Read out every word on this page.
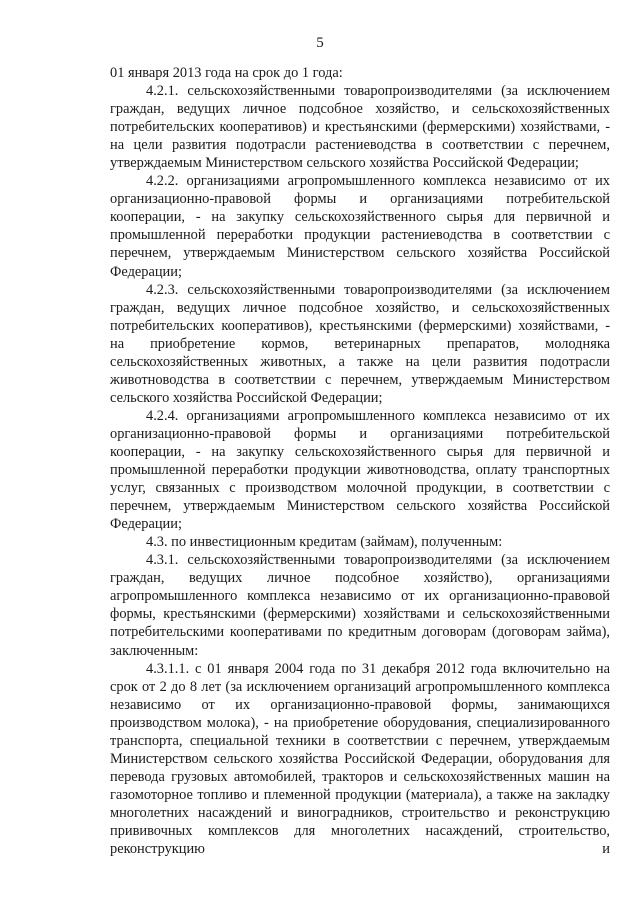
5

01 января 2013 года на срок до 1 года:

4.2.1. сельскохозяйственными товаропроизводителями (за исключением граждан, ведущих личное подсобное хозяйство, и сельскохозяйственных потребительских кооперативов) и крестьянскими (фермерскими) хозяйствами, - на цели развития подотрасли растениеводства в соответствии с перечнем, утверждаемым Министерством сельского хозяйства Российской Федерации;

4.2.2. организациями агропромышленного комплекса независимо от их организационно-правовой формы и организациями потребительской кооперации, - на закупку сельскохозяйственного сырья для первичной и промышленной переработки продукции растениеводства в соответствии с перечнем, утверждаемым Министерством сельского хозяйства Российской Федерации;

4.2.3. сельскохозяйственными товаропроизводителями (за исключением граждан, ведущих личное подсобное хозяйство, и сельскохозяйственных потребительских кооперативов), крестьянскими (фермерскими) хозяйствами, - на приобретение кормов, ветеринарных препаратов, молодняка сельскохозяйственных животных, а также на цели развития подотрасли животноводства в соответствии с перечнем, утверждаемым Министерством сельского хозяйства Российской Федерации;

4.2.4. организациями агропромышленного комплекса независимо от их организационно-правовой формы и организациями потребительской кооперации, - на закупку сельскохозяйственного сырья для первичной и промышленной переработки продукции животноводства, оплату транспортных услуг, связанных с производством молочной продукции, в соответствии с перечнем, утверждаемым Министерством сельского хозяйства Российской Федерации;

4.3. по инвестиционным кредитам (займам), полученным:

4.3.1. сельскохозяйственными товаропроизводителями (за исключением граждан, ведущих личное подсобное хозяйство), организациями агропромышленного комплекса независимо от их организационно-правовой формы, крестьянскими (фермерскими) хозяйствами и сельскохозяйственными потребительскими кооперативами по кредитным договорам (договорам займа), заключенным:

4.3.1.1. с 01 января 2004 года по 31 декабря 2012 года включительно на срок от 2 до 8 лет (за исключением организаций агропромышленного комплекса независимо от их организационно-правовой формы, занимающихся производством молока), - на приобретение оборудования, специализированного транспорта, специальной техники в соответствии с перечнем, утверждаемым Министерством сельского хозяйства Российской Федерации, оборудования для перевода грузовых автомобилей, тракторов и сельскохозяйственных машин на газомоторное топливо и племенной продукции (материала), а также на закладку многолетних насаждений и виноградников, строительство и реконструкцию прививочных комплексов для многолетних насаждений, строительство, реконструкцию и
